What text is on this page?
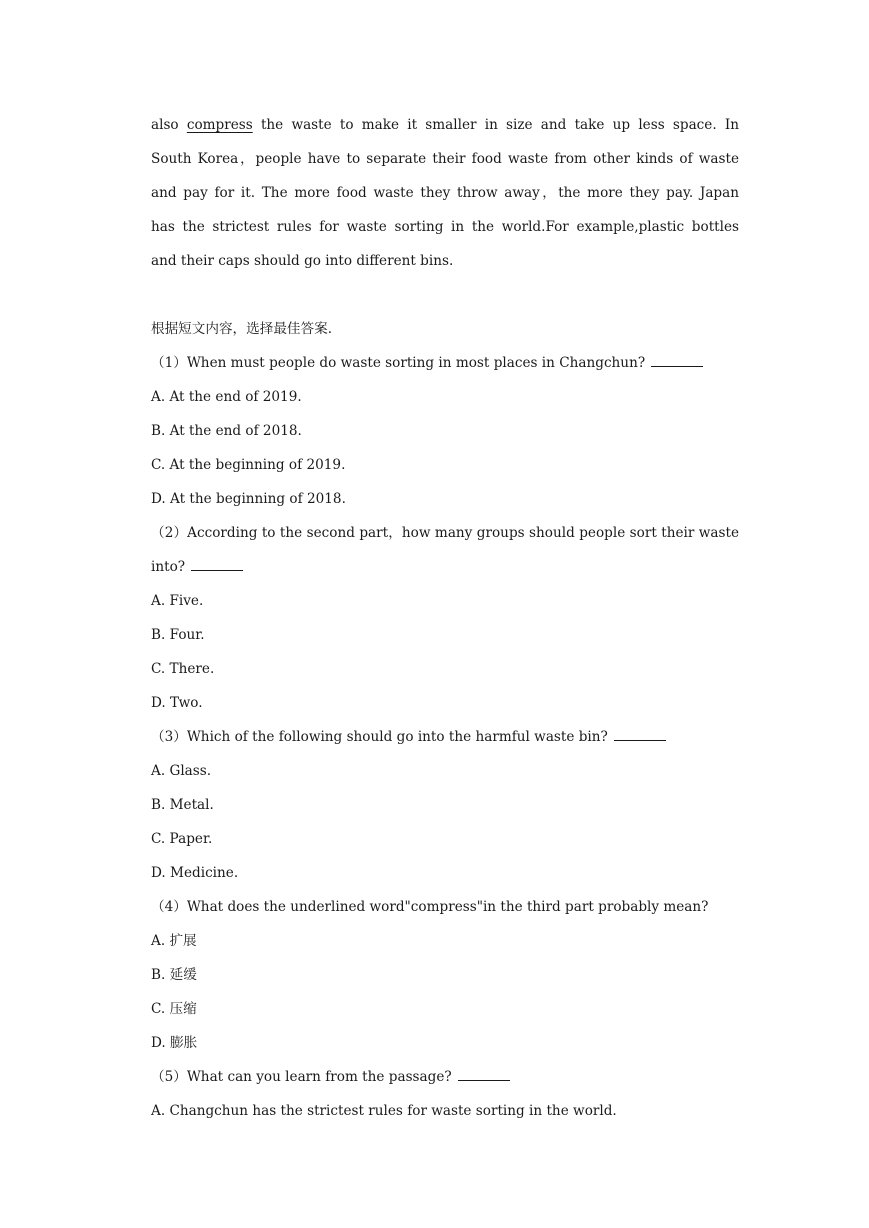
also compress the waste to make it smaller in size and take up less space. In

South Korea，people have to separate their food waste from other kinds of waste

and pay for it. The more food waste they throw away，the more they pay. Japan

has the strictest rules for waste sorting in the world.For example,plastic bottles

and their caps should go into different bins.

根据短文内容，选择最佳答案.
（1）When must people do waste sorting in most places in Changchun?
A. At the end of 2019.
B. At the end of 2018.
C. At the beginning of 2019.
D. At the beginning of 2018.
（2）According to the second part，how many groups should people sort their waste into?
A. Five.
B. Four.
C. There.
D. Two.
（3）Which of the following should go into the harmful waste bin?
A. Glass.
B. Metal.
C. Paper.
D. Medicine.
（4）What does the underlined word"compress"in the third part probably mean?
A. 扩展
B. 延缓
C. 压缩
D. 膨胀
（5）What can you learn from the passage?
A. Changchun has the strictest rules for waste sorting in the world.
